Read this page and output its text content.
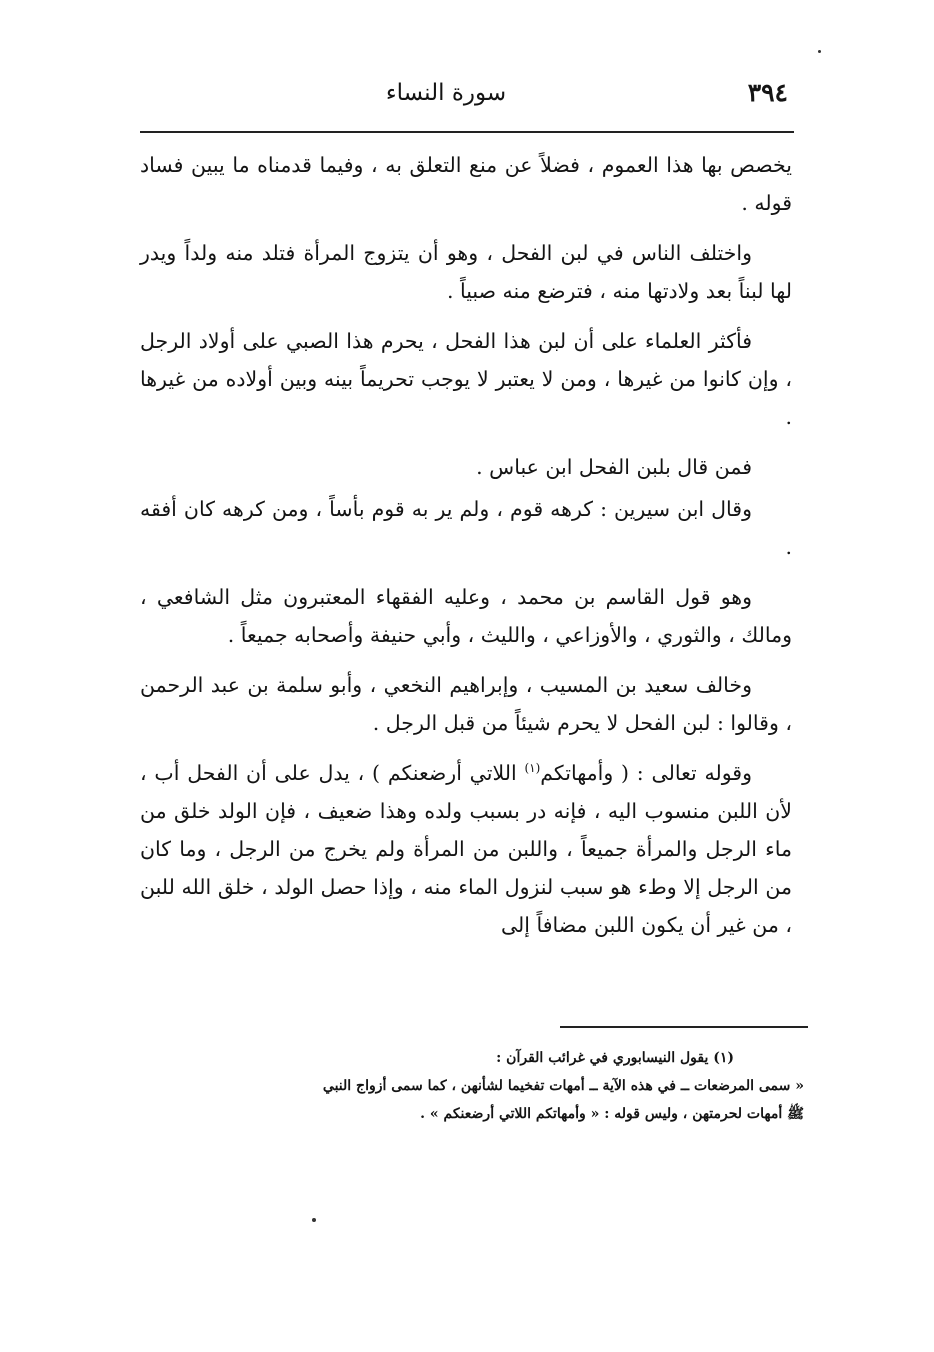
٣٩٤
سورة النساء

يخصص بها هذا العموم ، فضلاً عن منع التعلق به ، وفيما قدمناه ما يبين فساد قوله .

واختلف الناس في لبن الفحل ، وهو أن يتزوج المرأة فتلد منه ولداً ويدر لها لبناً بعد ولادتها منه ، فترضع منه صبياً .

فأكثر العلماء على أن لبن هذا الفحل ، يحرم هذا الصبي على أولاد الرجل ، وإن كانوا من غيرها ، ومن لا يعتبر لا يوجب تحريماً بينه وبين أولاده من غيرها .

فمن قال بلبن الفحل ابن عباس .

وقال ابن سيرين : كرهه قوم ، ولم ير به قوم بأساً ، ومن كرهه كان أفقه .

وهو قول القاسم بن محمد ، وعليه الفقهاء المعتبرون مثل الشافعي ، ومالك ، والثوري ، والأوزاعي ، والليث ، وأبي حنيفة وأصحابه جميعاً .

وخالف سعيد بن المسيب ، وإبراهيم النخعي ، وأبو سلمة بن عبد الرحمن ، وقالوا : لبن الفحل لا يحرم شيئاً من قبل الرجل .

وقوله تعالى : ( وأمهاتكم$^{(١)}$ اللاتي أرضعنكم ) ، يدل على أن الفحل أب ، لأن اللبن منسوب اليه ، فإنه در بسبب ولده وهذا ضعيف ، فإن الولد خلق من ماء الرجل والمرأة جميعاً ، واللبن من المرأة ولم يخرج من الرجل ، وما كان من الرجل إلا وطء هو سبب لنزول الماء منه ، وإذا حصل الولد ، خلق الله للبن ، من غير أن يكون اللبن مضافاً إلى

(١) يقول النيسابوري في غرائب القرآن :

« سمى المرضعات ــ في هذه الآية ــ أمهات تفخيما لشأنهن ، كما سمى أزواج النبي

ﷺ أمهات لحرمتهن ، وليس قوله : « وأمهاتكم اللاتي أرضعنكم » .
